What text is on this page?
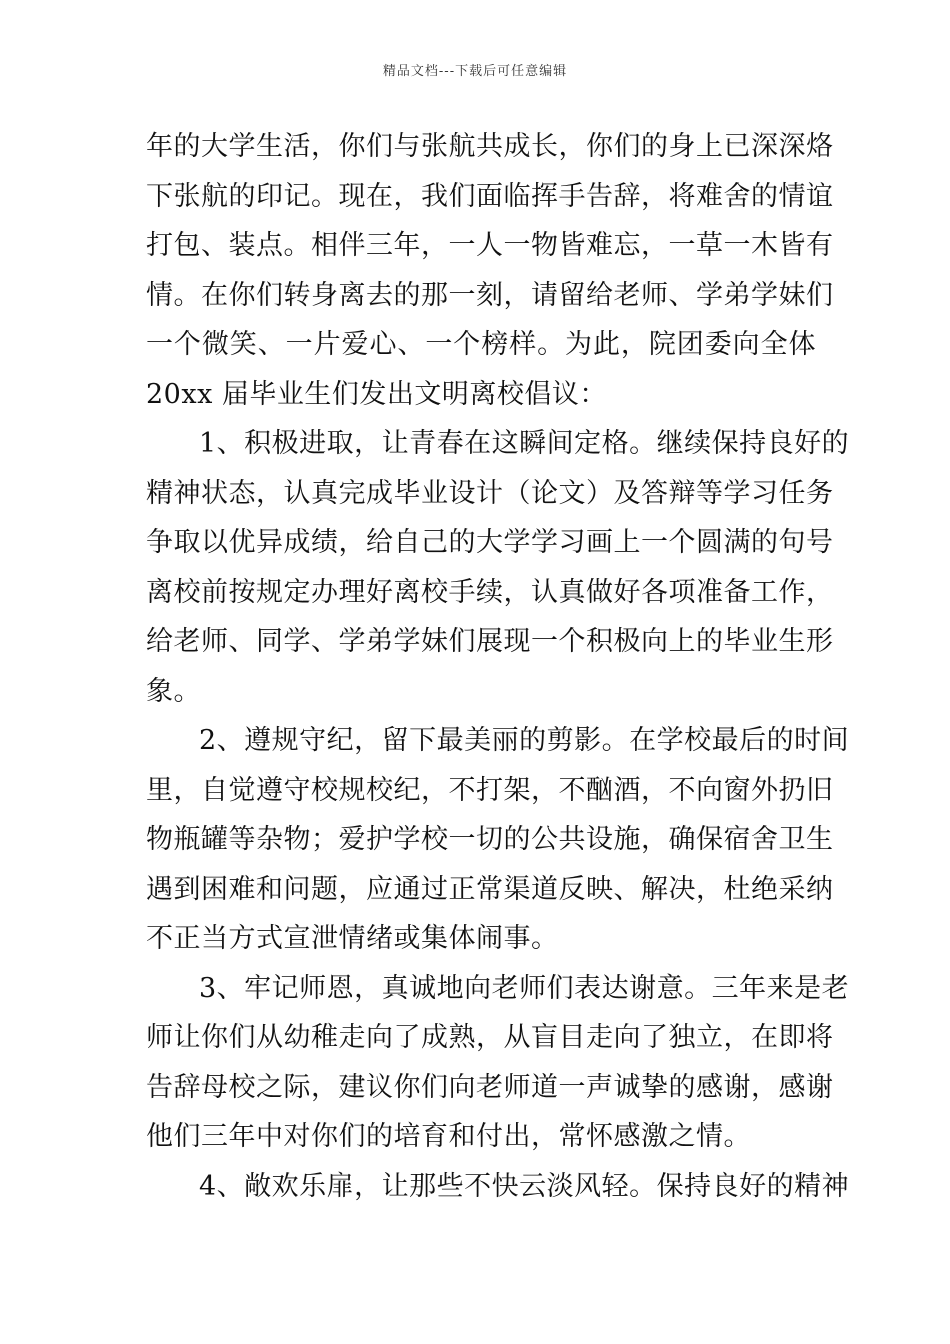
精品文档---下载后可任意编辑
年的大学生活，你们与张航共成长，你们的身上已深深烙
下张航的印记。现在，我们面临挥手告辞，将难舍的情谊
打包、装点。相伴三年，一人一物皆难忘，一草一木皆有
情。在你们转身离去的那一刻，请留给老师、学弟学妹们
一个微笑、一片爱心、一个榜样。为此，院团委向全体
20xx 届毕业生们发出文明离校倡议：
1、积极进取，让青春在这瞬间定格。继续保持良好的
精神状态，认真完成毕业设计（论文）及答辩等学习任务
争取以优异成绩，给自己的大学学习画上一个圆满的句号
离校前按规定办理好离校手续，认真做好各项准备工作，
给老师、同学、学弟学妹们展现一个积极向上的毕业生形
象。
2、遵规守纪，留下最美丽的剪影。在学校最后的时间
里，自觉遵守校规校纪，不打架，不酗酒，不向窗外扔旧
物瓶罐等杂物；爱护学校一切的公共设施，确保宿舍卫生
遇到困难和问题，应通过正常渠道反映、解决，杜绝采纳
不正当方式宣泄情绪或集体闹事。
3、牢记师恩，真诚地向老师们表达谢意。三年来是老
师让你们从幼稚走向了成熟，从盲目走向了独立，在即将
告辞母校之际，建议你们向老师道一声诚挚的感谢，感谢
他们三年中对你们的培育和付出，常怀感激之情。
4、敞欢乐扉，让那些不快云淡风轻。保持良好的精神
